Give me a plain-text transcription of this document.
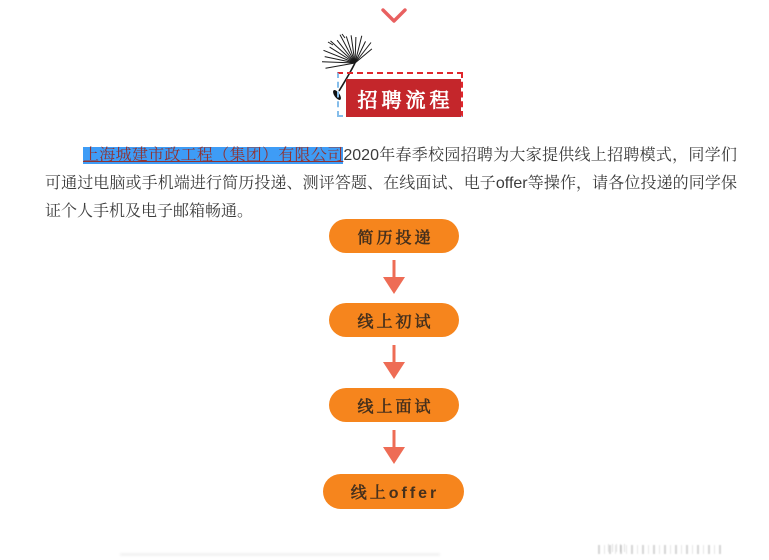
招聘流程

上海城建市政工程（集团）有限公司2020年春季校园招聘为大家提供线上招聘模式，同学们可通过电脑或手机端进行简历投递、测评答题、在线面试、电子offer等操作，请各位投递的同学保证个人手机及电子邮箱畅通。

简历投递
线上初试
线上面试
线上offer
